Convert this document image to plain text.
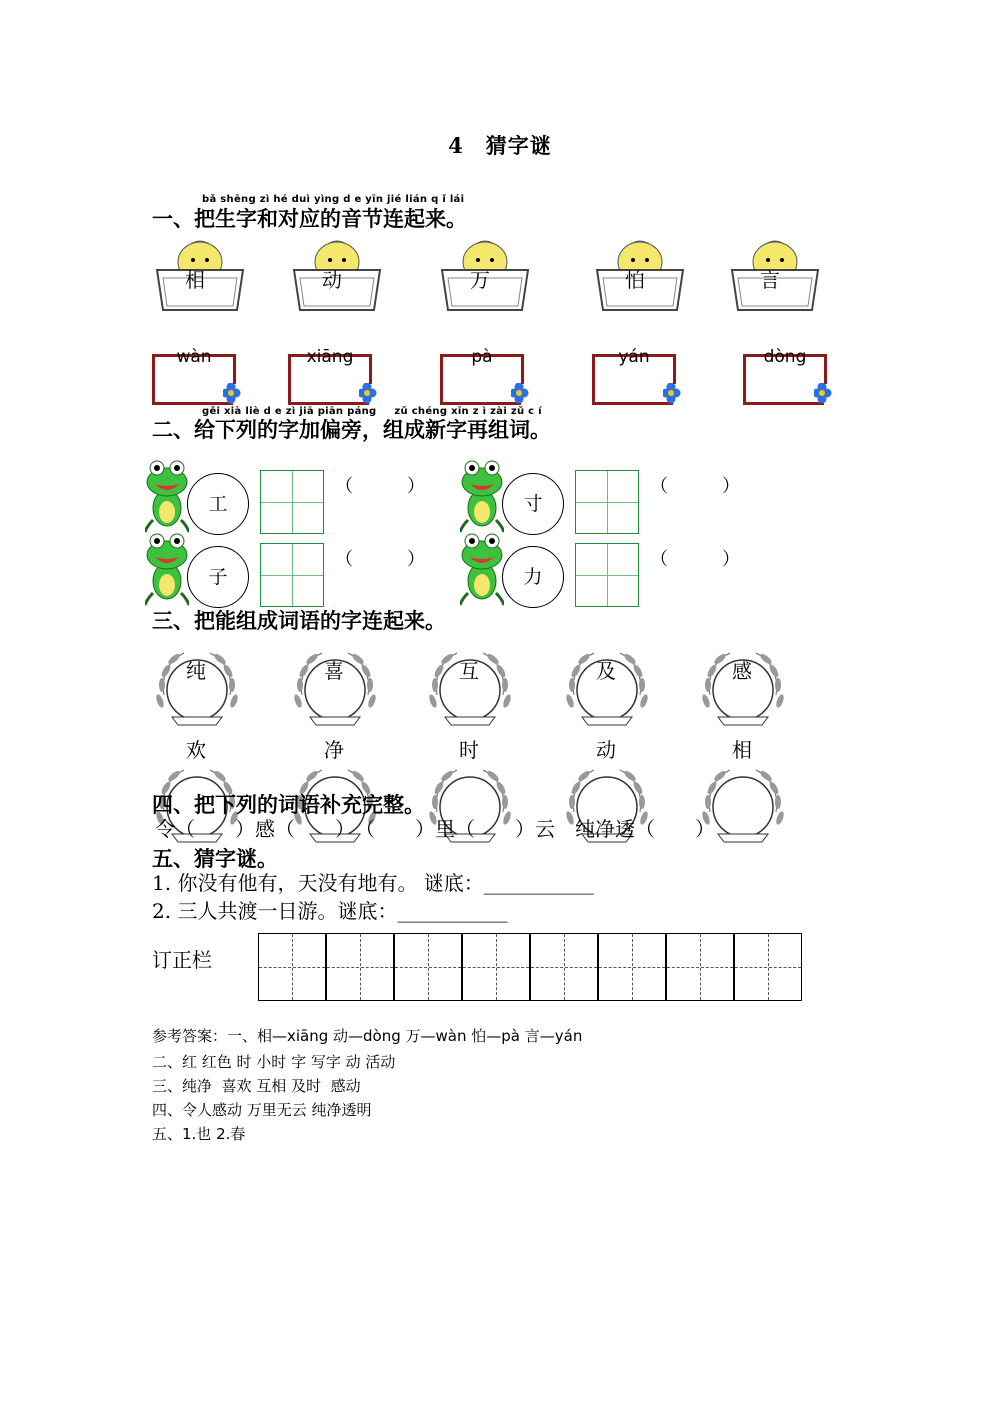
4　猜字谜
bǎ shēng zì hé duì yìng d e yīn jié lián q ǐ lái
一、把生字和对应的音节连起来。
相	动	万	怕	言
wàn	xiāng	pà	yán	dòng
gěi xià liè d e zì jiā piān páng 　 zǔ chéng xīn z ì zài zǔ c í
二、给下列的字加偏旁，组成新字再组词。
工
（　　　）
寸
（　　　）
子
（　　　）
力
（　　　）
三、把能组成词语的字连起来。
纯	喜	互	及	感
欢	净	时	动	相
四、把下列的词语补充完整。
令（　　）感（　　）　（　　）里（　　）云　纯净透（　　）
五、猜字谜。
1. 你没有他有，天没有地有。 谜底：___________
2. 三人共渡一日游。谜底：___________
订正栏
参考答案：一、相—xiāng 动—dòng 万—wàn 怕—pà 言—yán
二、红 红色 时 小时 字 写字 动 活动
三、纯净  喜欢 互相 及时  感动
四、令人感动 万里无云 纯净透明
五、1.也 2.春
